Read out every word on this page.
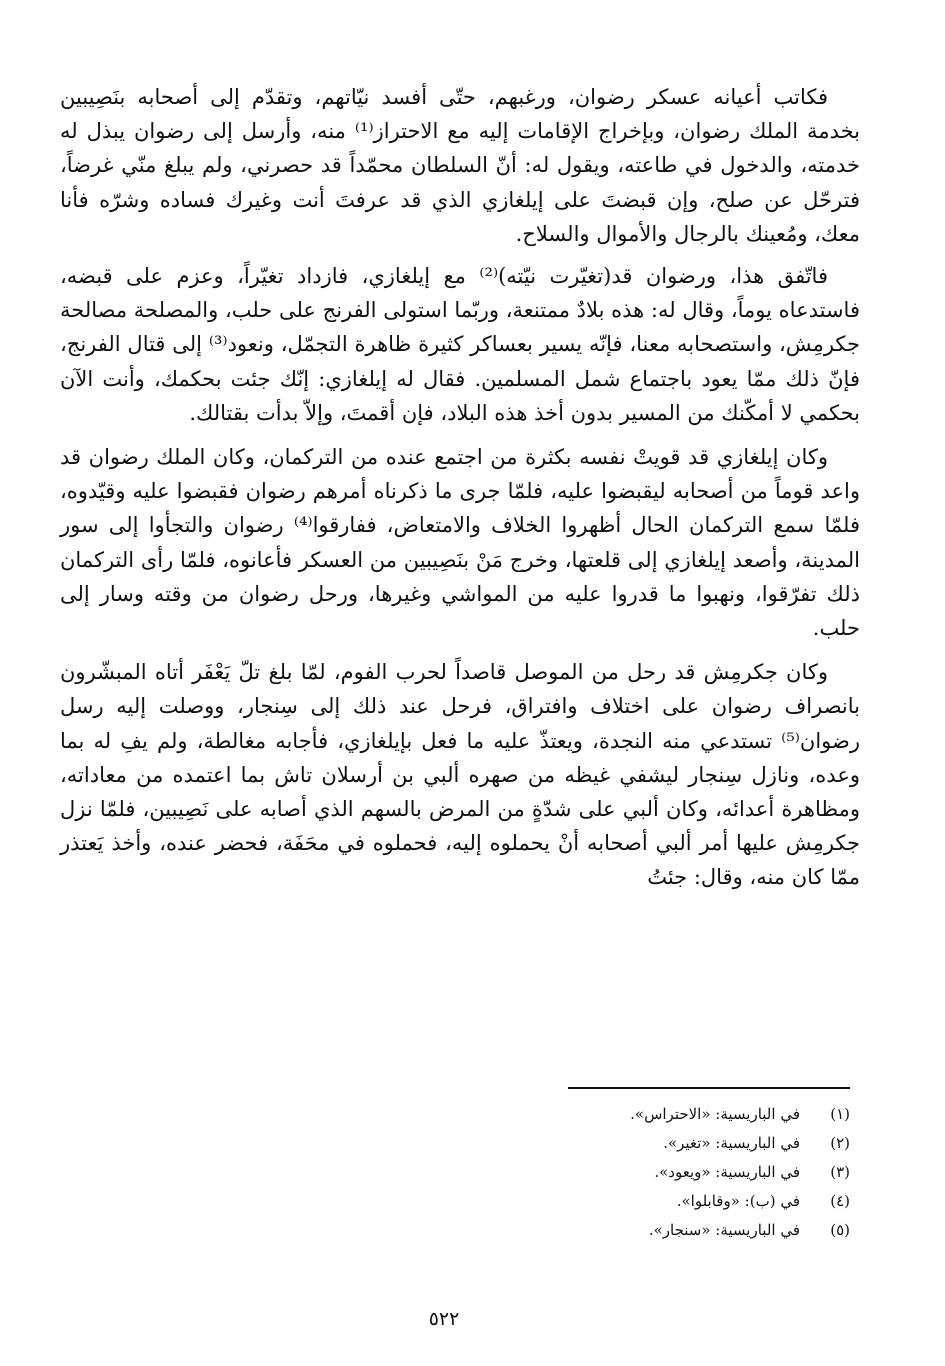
فكاتب أعيانه عسكر رضوان، ورغبهم، حتّى أفسد نيّاتهم، وتقدّم إلى أصحابه بنَصِيبين بخدمة الملك رضوان، وبإخراج الإقامات إليه مع الاحتراز⁽¹⁾ منه، وأرسل إلى رضوان يبذل له خدمته، والدخول في طاعته، ويقول له: أنّ السلطان محمّداً قد حصرني، ولم يبلغ منّي غرضاً، فترحّل عن صلح، وإن قبضتَ على إيلغازي الذي قد عرفتَ أنت وغيرك فساده وشرّه فأنا معك، ومُعينك بالرجال والأموال والسلاح.

فاتّفق هذا، ورضوان قد(تغيّرت نيّته)⁽²⁾ مع إيلغازي، فازداد تغيّراً، وعزم على قبضه، فاستدعاه يوماً، وقال له: هذه بلادٌ ممتنعة، وربّما استولى الفرنج على حلب، والمصلحة مصالحة جكرمِش، واستصحابه معنا، فإنّه يسير بعساكر كثيرة ظاهرة التجمّل، ونعود⁽³⁾ إلى قتال الفرنج، فإنّ ذلك ممّا يعود باجتماع شمل المسلمين. فقال له إيلغازي: إنّك جئت بحكمك، وأنت الآن بحكمي لا أمكّنك من المسير بدون أخذ هذه البلاد، فإن أقمتَ، وإلاّ بدأت بقتالك.

وكان إيلغازي قد قويتْ نفسه بكثرة من اجتمع عنده من التركمان، وكان الملك رضوان قد واعد قوماً من أصحابه ليقبضوا عليه، فلمّا جرى ما ذكرناه أمرهم رضوان فقبضوا عليه وقيّدوه، فلمّا سمع التركمان الحال أظهروا الخلاف والامتعاض، ففارقوا⁽⁴⁾ رضوان والتجأوا إلى سور المدينة، وأصعد إيلغازي إلى قلعتها، وخرج مَنْ بنَصِيبين من العسكر فأعانوه، فلمّا رأى التركمان ذلك تفرّقوا، ونهبوا ما قدروا عليه من المواشي وغيرها، ورحل رضوان من وقته وسار إلى حلب.

وكان جكرمِش قد رحل من الموصل قاصداً لحرب الفوم، لمّا بلغ تلّ يَعْفَر أتاه المبشّرون بانصراف رضوان على اختلاف وافتراق، فرحل عند ذلك إلى سِنجار، ووصلت إليه رسل رضوان⁽⁵⁾ تستدعي منه النجدة، ويعتذّ عليه ما فعل بإيلغازي، فأجابه مغالطة، ولم يفِ له بما وعده، ونازل سِنجار ليشفي غيظه من صهره ألبي بن أرسلان تاش بما اعتمده من معاداته، ومظاهرة أعدائه، وكان ألبي على شدّةٍ من المرض بالسهم الذي أصابه على نَصِيبين، فلمّا نزل جكرمِش عليها أمر ألبي أصحابه أنْ يحملوه إليه، فحملوه في محَفَة، فحضر عنده، وأخذ يَعتذر ممّا كان منه، وقال: جئتُ

(١)في الباريسية: «الاحتراس».
(٢)في الباريسية: «تغير».
(٣)في الباريسية: «ويعود».
(٤)في (ب): «وقابلوا».
(٥)في الباريسية: «سنجار».
٥٢٢
